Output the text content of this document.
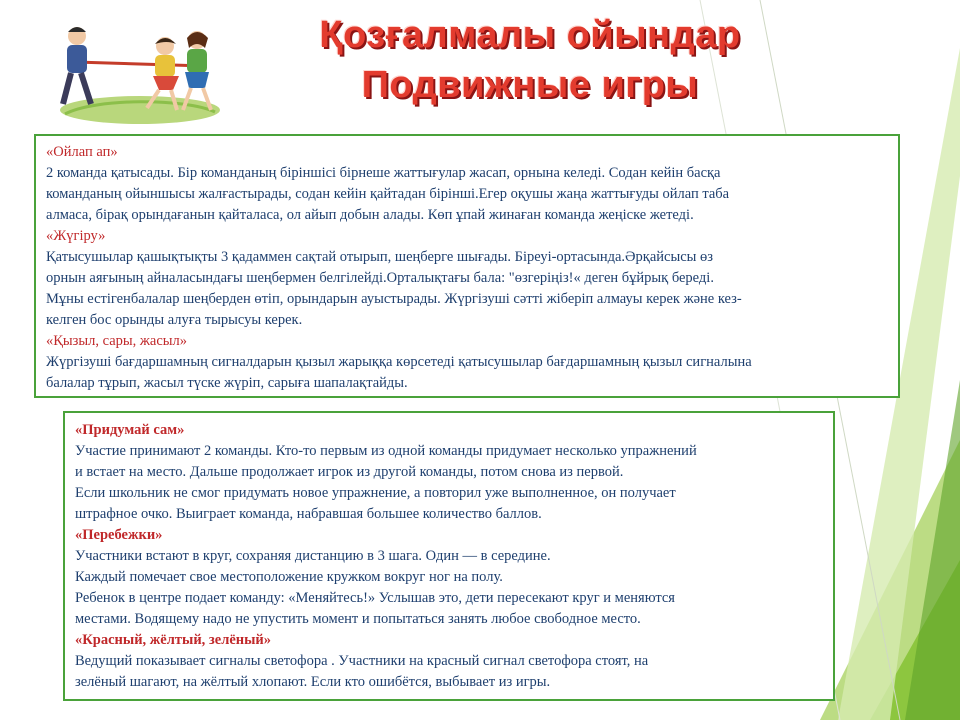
Қозғалмалы ойындар
Подвижные игры

«Ойлап ап»

2 команда қатысады. Бір команданың біріншісі бірнеше жаттығулар жасап, орнына келеді. Содан кейін басқа

команданың ойыншысы жалғастырады, содан кейін қайтадан бірінші.Егер оқушы жаңа жаттығуды ойлап таба

алмаса, бірақ орындағанын қайталаса, ол айып добын алады. Көп ұпай жинаған команда жеңіске жетеді.

«Жүгіру»

Қатысушылар қашықтықты 3 қадаммен сақтай отырып, шеңберге шығады. Біреуі-ортасында.Әрқайсысы өз

орнын аяғының айналасындағы шеңбермен белгілейді.Орталықтағы бала: "өзгеріңіз!« деген бұйрық береді.

Мұны естігенбалалар шеңберден өтіп, орындарын ауыстырады. Жүргізуші сәтті жіберіп алмауы керек және кез-

келген бос орынды алуға тырысуы керек.

«Қызыл, сары, жасыл»

Жүргізуші бағдаршамның сигналдарын қызыл жарыққа көрсетеді қатысушылар бағдаршамның қызыл сигналына

балалар тұрып, жасыл түске жүріп, сарыға шапалақтайды.

«Придумай сам»

Участие принимают 2 команды. Кто-то первым из одной команды придумает несколько упражнений

и встает на место. Дальше продолжает игрок из другой команды, потом снова из первой.

Если школьник не смог придумать новое упражнение, а повторил уже выполненное, он получает

штрафное очко. Выиграет команда, набравшая большее количество баллов.

«Перебежки»

Участники встают в круг, сохраняя дистанцию в 3 шага. Один — в середине.

Каждый помечает свое местоположение кружком вокруг ног на полу.

Ребенок в центре подает команду: «Меняйтесь!» Услышав это, дети пересекают круг и меняются

местами. Водящему надо не упустить момент и попытаться занять любое свободное место.

«Красный, жёлтый, зелёный»

Ведущий показывает сигналы светофора . Участники на красный сигнал светофора стоят, на

зелёный шагают, на жёлтый хлопают. Если кто ошибётся, выбывает из игры.
